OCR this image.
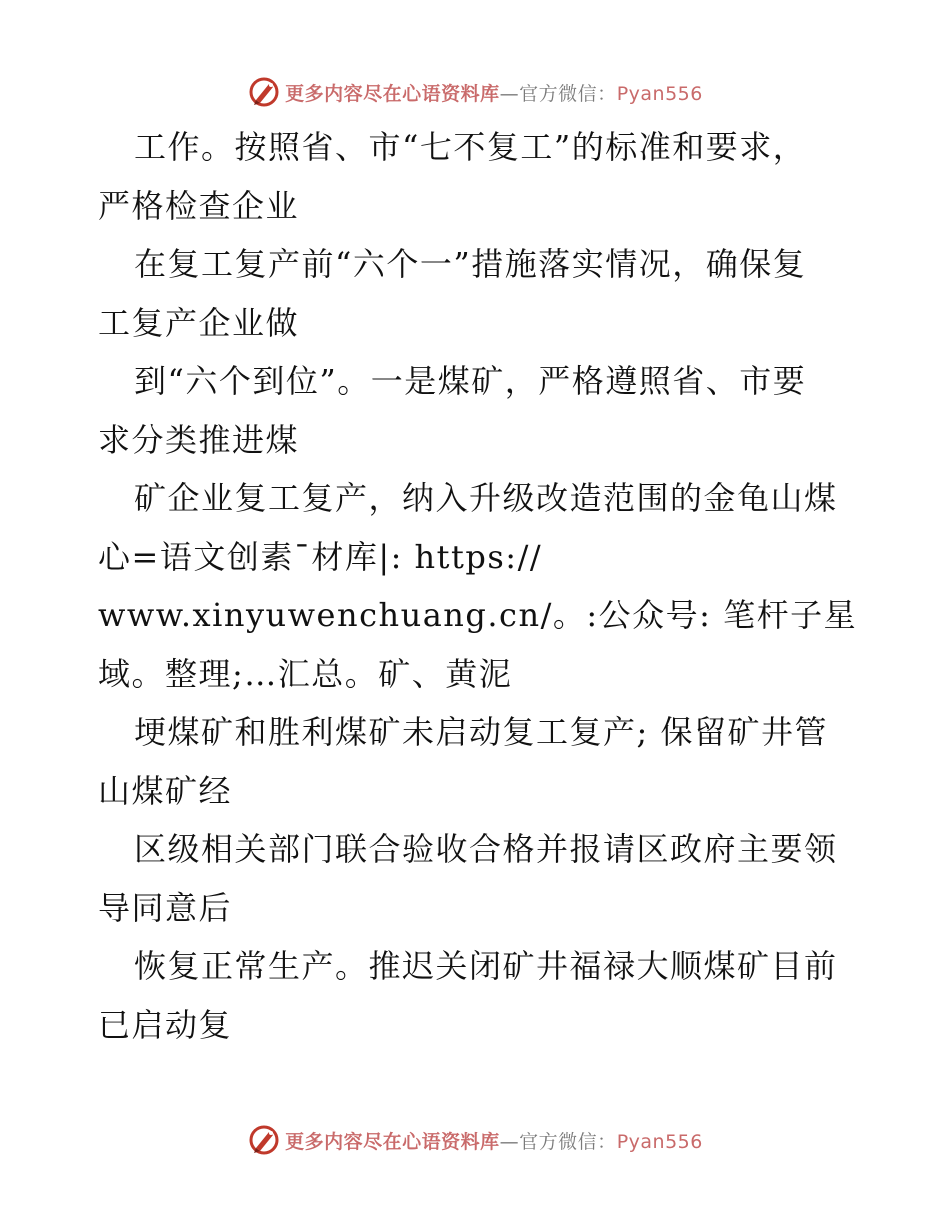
更多内容尽在心语资料库—官方微信：Pyan556
工作。按照省、市“七不复工”的标准和要求，
严格检查企业
在复工复产前“六个一”措施落实情况，确保复
工复产企业做
到“六个到位”。一是煤矿，严格遵照省、市要
求分类推进煤
矿企业复工复产，纳入升级改造范围的金龟山煤
心=语文创素¯材库|: https://
www.xinyuwenchuang.cn/。:公众号: 笔杆子星
域。整理;…汇总。矿、黄泥
埂煤矿和胜利煤矿未启动复工复产; 保留矿井管
山煤矿经
区级相关部门联合验收合格并报请区政府主要领
导同意后
恢复正常生产。推迟关闭矿井福禄大顺煤矿目前
已启动复
更多内容尽在心语资料库—官方微信：Pyan556
